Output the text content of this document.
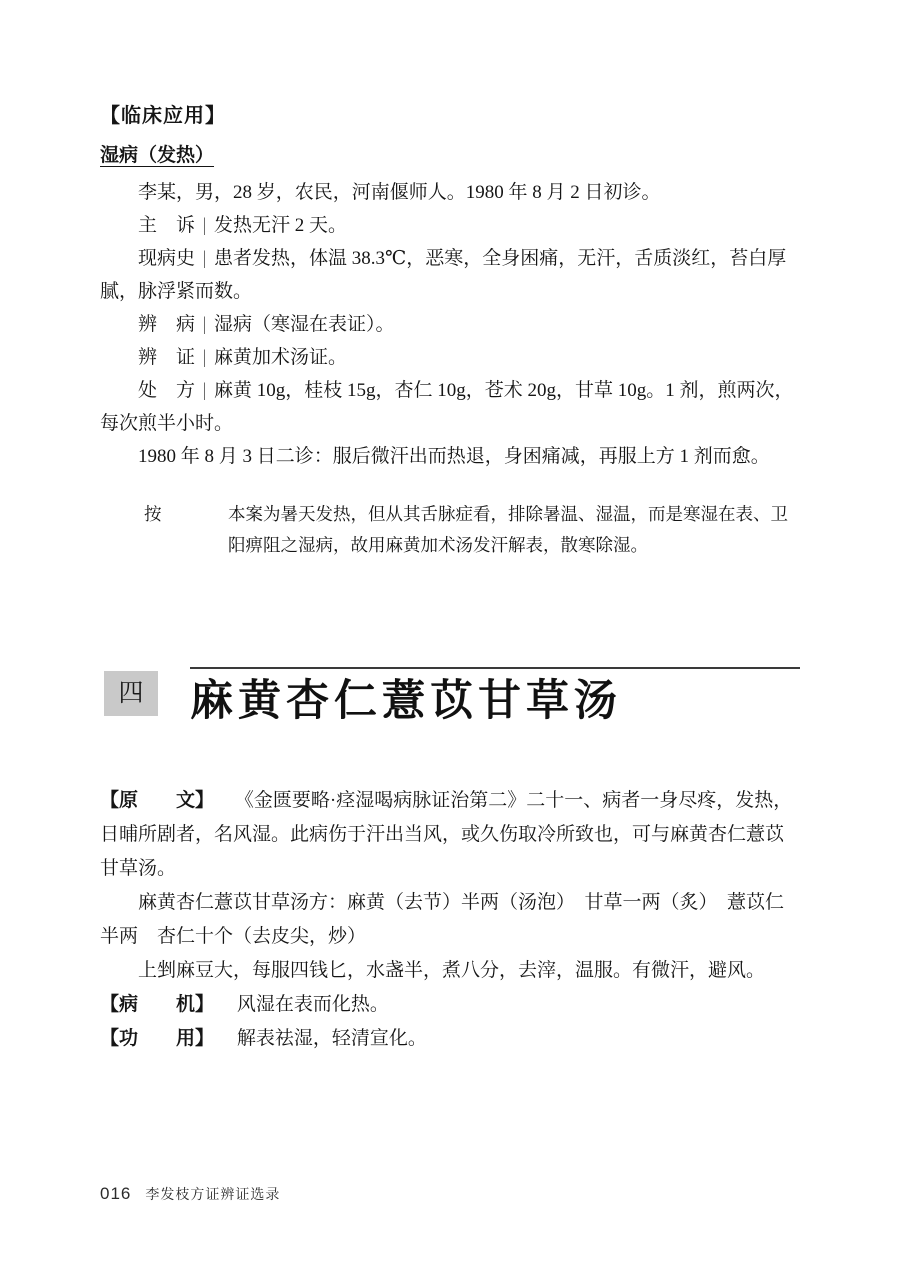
【临床应用】
湿病（发热）

李某，男，28 岁，农民，河南偃师人。1980 年 8 月 2 日初诊。

主　诉 | 发热无汗 2 天。

现病史 | 患者发热，体温 38.3℃，恶寒，全身困痛，无汗，舌质淡红，苔白厚腻，脉浮紧而数。

辨　病 | 湿病（寒湿在表证）。

辨　证 | 麻黄加术汤证。

处　方 | 麻黄 10g，桂枝 15g，杏仁 10g，苍术 20g，甘草 10g。1 剂，煎两次，每次煎半小时。

1980 年 8 月 3 日二诊：服后微汗出而热退，身困痛减，再服上方 1 剂而愈。

按	本案为暑天发热，但从其舌脉症看，排除暑温、湿温，而是寒湿在表、卫阳痹阻之湿病，故用麻黄加术汤发汗解表，散寒除湿。
四	麻黄杏仁薏苡甘草汤

【原　　文】 《金匮要略·痉湿喝病脉证治第二》二十一、病者一身尽疼，发热，日晡所剧者，名风湿。此病伤于汗出当风，或久伤取冷所致也，可与麻黄杏仁薏苡甘草汤。

麻黄杏仁薏苡甘草汤方：麻黄（去节）半两（汤泡）　甘草一两（炙）　薏苡仁半两　杏仁十个（去皮尖，炒）

上剉麻豆大，每服四钱匕，水盏半，煮八分，去滓，温服。有微汗，避风。

【病　　机】 风湿在表而化热。

【功　　用】 解表祛湿，轻清宣化。

016 李发枝方证辨证选录
